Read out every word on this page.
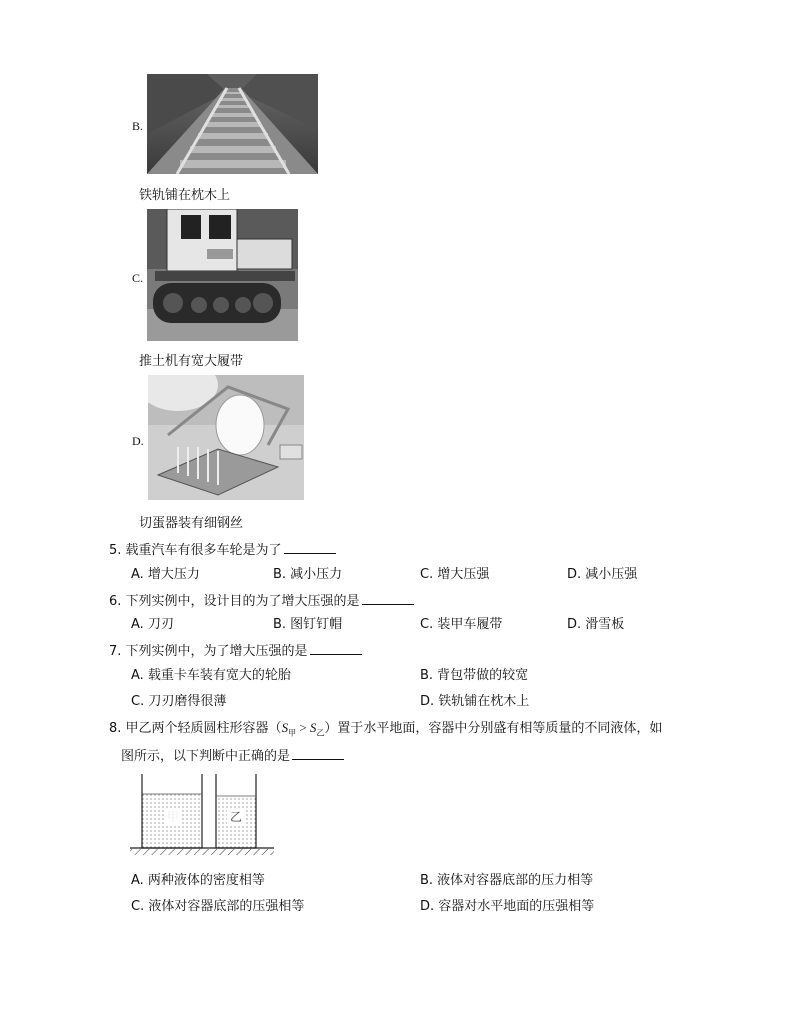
B.
铁轨铺在枕木上
C.
推土机有宽大履带
D.
切蛋器装有细钢丝
5. 载重汽车有很多车轮是为了
A. 增大压力	B. 减小压力	C. 增大压强	D. 减小压强
6. 下列实例中，设计目的为了增大压强的是
A. 刀刃	B. 图钉钉帽	C. 装甲车履带	D. 滑雪板
7. 下列实例中，为了增大压强的是
A. 载重卡车装有宽大的轮胎	B. 背包带做的较宽
C. 刀刃磨得很薄	D. 铁轨铺在枕木上
8. 甲乙两个轻质圆柱形容器$(S_甲 > S_乙)$置于水平地面，容器中分别盛有相等质量的不同液体，如
图所示，以下判断中正确的是
甲	乙
A. 两种液体的密度相等	B. 液体对容器底部的压力相等
C. 液体对容器底部的压强相等	D. 容器对水平地面的压强相等
